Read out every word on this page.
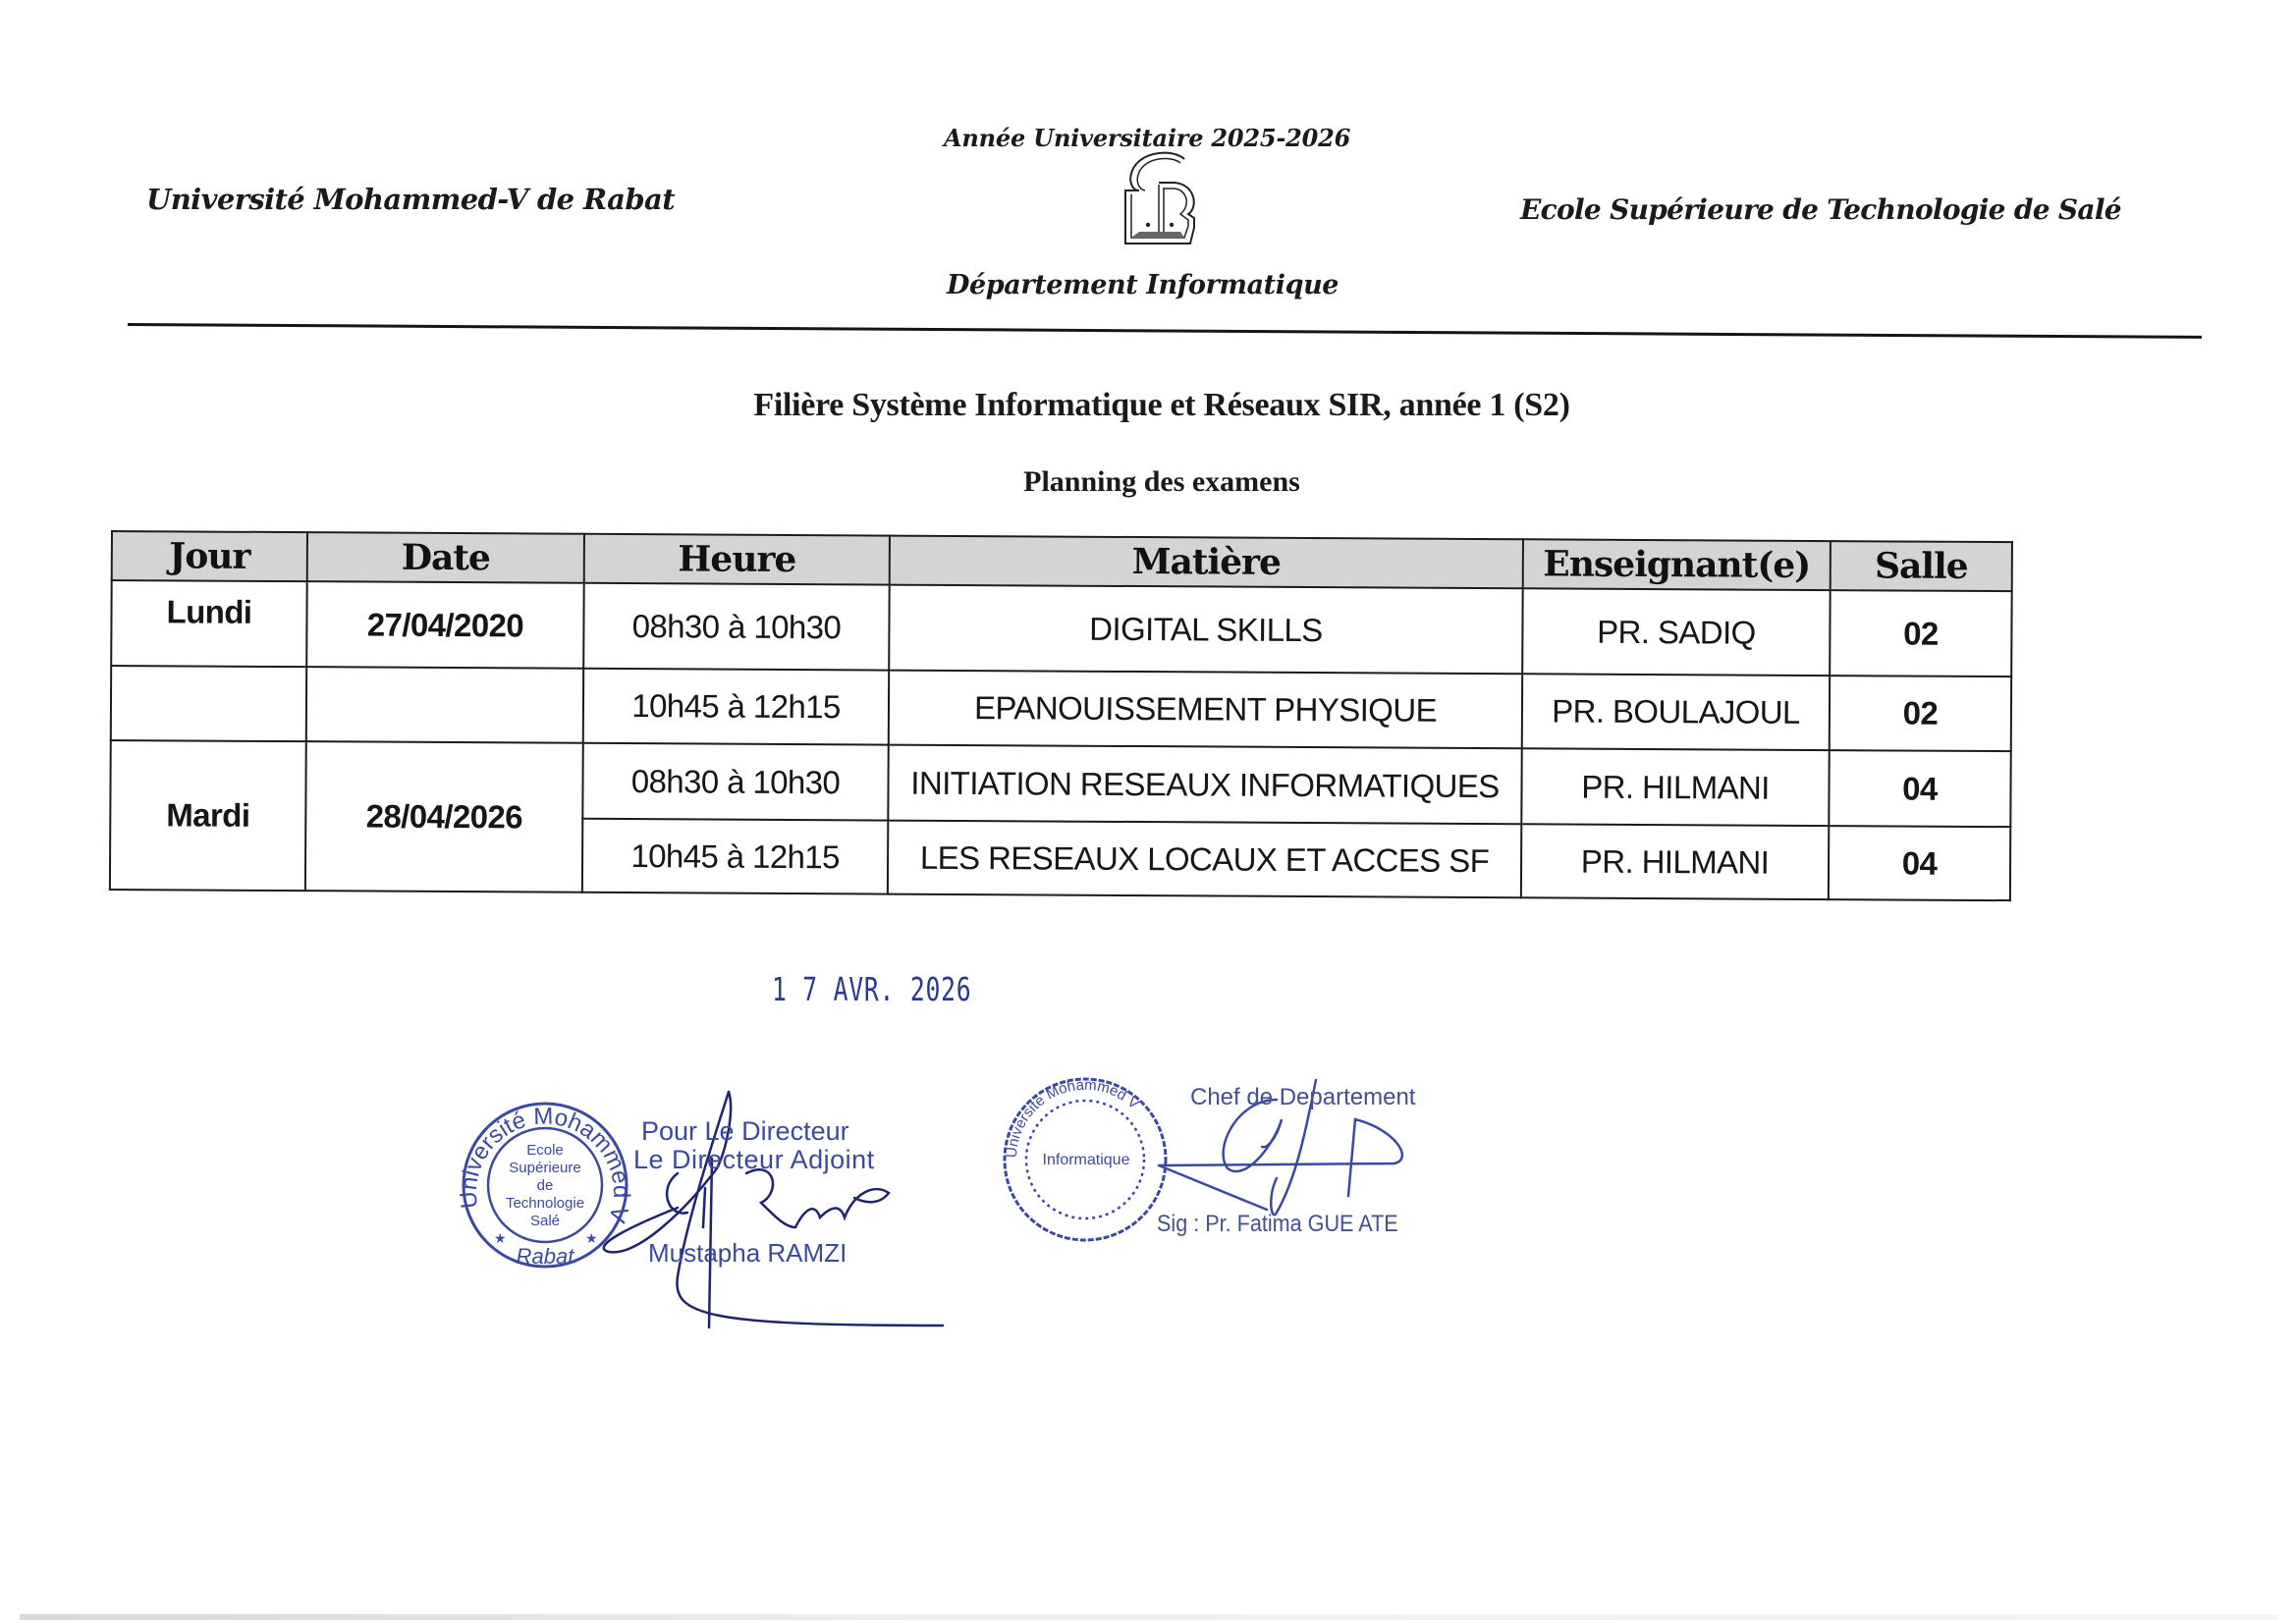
Université Mohammed-V de Rabat
Année Universitaire 2025-2026
Ecole Supérieure de Technologie de Salé
Département Informatique
Filière Système Informatique et Réseaux SIR, année 1 (S2)
Planning des examens
Jour	Date	Heure	Matière	Enseignant(e)	Salle
Lundi	27/04/2020	08h30 à 10h30	DIGITAL SKILLS	PR. SADIQ	02
		10h45 à 12h15	EPANOUISSEMENT PHYSIQUE	PR. BOULAJOUL	02
Mardi	28/04/2026	08h30 à 10h30	INITIATION RESEAUX INFORMATIQUES	PR. HILMANI	04
		10h45 à 12h15	LES RESEAUX LOCAUX ET ACCES SF	PR. HILMANI	04
1 7 AVR. 2026
Université Mohammed V
Rabat
★	★
Ecole
Supérieure
de
Technologie
Salé
Université Mohammed V
Informatique
Pour Le Directeur
Le Directeur Adjoint
Mustapha RAMZI
Chef de Departement
Sig : Pr. Fatima GUE ATE
